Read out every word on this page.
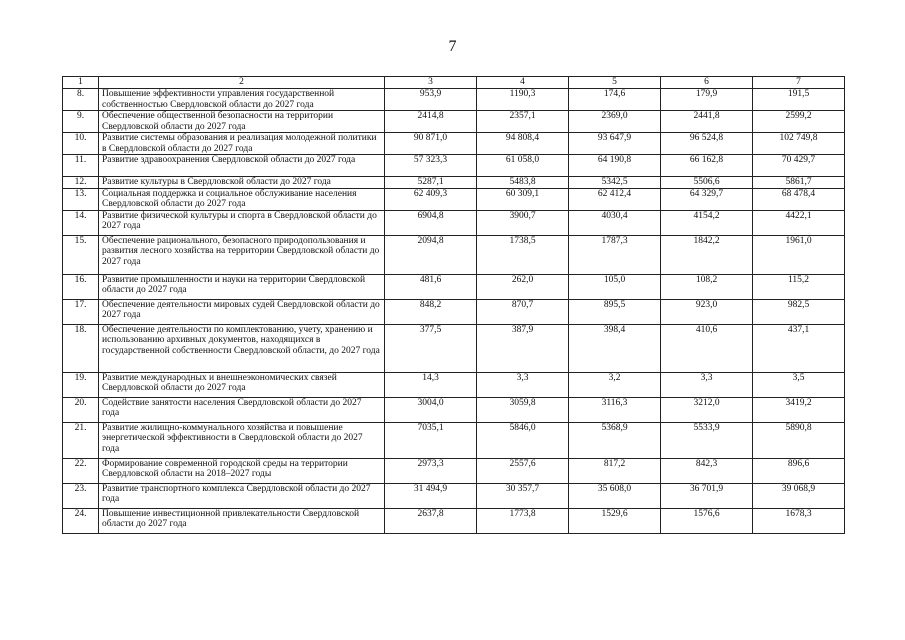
7
1	2	3	4	5	6	7
8.	Повышение эффективности управления государственной собственностью Свердловской области до 2027 года	953,9	1190,3	174,6	179,9	191,5
9.	Обеспечение общественной безопасности на территории Свердловской области до 2027 года	2414,8	2357,1	2369,0	2441,8	2599,2
10.	Развитие системы образования и реализация молодежной политики в Свердловской области до 2027 года	90 871,0	94 808,4	93 647,9	96 524,8	102 749,8
11.	Развитие здравоохранения Свердловской области до 2027 года	57 323,3	61 058,0	64 190,8	66 162,8	70 429,7
12.	Развитие культуры в Свердловской области до 2027 года	5287,1	5483,8	5342,5	5506,6	5861,7
13.	Социальная поддержка и социальное обслуживание населения Свердловской области до 2027 года	62 409,3	60 309,1	62 412,4	64 329,7	68 478,4
14.	Развитие физической культуры и спорта в Свердловской области до 2027 года	6904,8	3900,7	4030,4	4154,2	4422,1
15.	Обеспечение рационального, безопасного природопользования и развития лесного хозяйства на территории Свердловской области до 2027 года	2094,8	1738,5	1787,3	1842,2	1961,0
16.	Развитие промышленности и науки на территории Свердловской области до 2027 года	481,6	262,0	105,0	108,2	115,2
17.	Обеспечение деятельности мировых судей Свердловской области до 2027 года	848,2	870,7	895,5	923,0	982,5
18.	Обеспечение деятельности по комплектованию, учету, хранению и использованию архивных документов, находящихся в государственной собственности Свердловской области, до 2027 года	377,5	387,9	398,4	410,6	437,1
19.	Развитие международных и внешнеэкономических связей Свердловской области до 2027 года	14,3	3,3	3,2	3,3	3,5
20.	Содействие занятости населения Свердловской области до 2027 года	3004,0	3059,8	3116,3	3212,0	3419,2
21.	Развитие жилищно-коммунального хозяйства и повышение энергетической эффективности в Свердловской области до 2027 года	7035,1	5846,0	5368,9	5533,9	5890,8
22.	Формирование современной городской среды на территории Свердловской области на 2018–2027 годы	2973,3	2557,6	817,2	842,3	896,6
23.	Развитие транспортного комплекса Свердловской области до 2027 года	31 494,9	30 357,7	35 608,0	36 701,9	39 068,9
24.	Повышение инвестиционной привлекательности Свердловской области до 2027 года	2637,8	1773,8	1529,6	1576,6	1678,3
